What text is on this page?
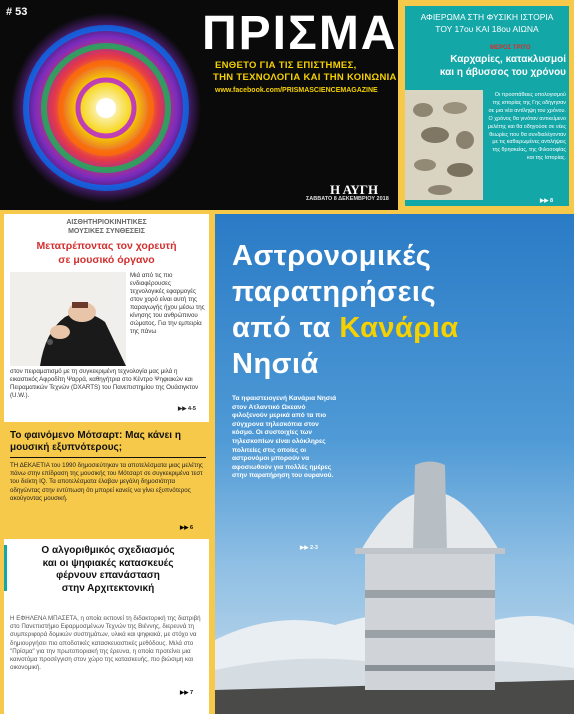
# 53	ΠΡΙΣΜΑ
ΕΝΘΕΤΟ ΓΙΑ ΤΙΣ ΕΠΙΣΤΗΜΕΣ,
ΤΗΝ ΤΕΧΝΟΛΟΓΙΑ ΚΑΙ ΤΗΝ ΚΟΙΝΩΝΙΑ
www.facebook.com/PRISMASCIENCEMAGAZINE
Η ΑΥΓΗ
ΣΑΒΒΑΤΟ 8 ΔΕΚΕΜΒΡΙΟΥ 2018
ΑΦΙΕΡΩΜΑ ΣΤΗ ΦΥΣΙΚΗ ΙΣΤΟΡΙΑ
ΤΟΥ 17ου ΚΑΙ 18ου ΑΙΩΝΑ
ΜΕΡΟΣ ΤΡΙΤΟ
Καρχαρίες, κατακλυσμοί
και η άβυσσος του χρόνου
Οι προσπάθειες υπολογισμού της ιστορίας της Γης οδήγησαν σε μια νέα αντίληψη του χρόνου. Ο χρόνος θα γινόταν αντικείμενο μελέτης και θα οδηγούσε σε νέες θεωρίες που θα συνδιαλέγονταν με τις καθιερωμένες αντιλήψεις της θρησκείας, της Φιλοσοφίας και της Ιστορίας.
▶▶ 8
ΑΙΣΘΗΤΗΡΙΟΚΙΝΗΤΙΚΕΣ
ΜΟΥΣΙΚΕΣ ΣΥΝΘΕΣΕΙΣ
Μετατρέποντας τον χορευτή
σε μουσικό όργανο
Μιά από τις πιο ενδιαφέρουσες τεχνολογικές εφαρμογές στον χορό είναι αυτή της παραγωγής ήχου μέσω της κίνησης του ανθρώπινου σώματος. Για την εμπειρία της πάνω
στον πειραματισμό με τη συγκεκριμένη τεχνολογία μας μιλά η εικαστικός Αφροδίτη Ψαρρά, καθηγήτρια στο Κέντρο Ψηφιακών και Πειραματικών Τεχνών (DXARTS) του Πανεπιστημίου της Ουάσιγκτον (U.W.).
▶▶ 4-5
Το φαινόμενο Μότσαρτ: Μας κάνει η μουσική εξυπνότερους;
ΤΗ ΔΕΚΑΕΤΙΑ του 1990 δημοσιεύτηκαν τα αποτελέσματα μιας μελέτης πάνω στην επίδραση της μουσικής του Μότσαρτ σε συγκεκριμένα τεστ του δείκτη IQ. Τα αποτελέσματα έλαβαν μεγάλη δημοσιότητα οδηγώντας στην εντύπωση ότι μπορεί κανείς να γίνει εξυπνότερος ακούγοντας μουσική.
▶▶ 6
Ο αλγοριθμικός σχεδιασμός
και οι ψηφιακές κατασκευές
φέρνουν επανάσταση
στην Αρχιτεκτονική
Η ΕΦΗΛΕΝΑ ΜΠΑΣΕΤΑ, η οποία εκπονεί τη διδακτορική της διατριβή στο Πανεπιστήμιο Εφαρμοσμένων Τεχνών της Βιέννης, διερευνά τη συμπεριφορά δομικών συστημάτων, υλικά και ψηφιακά, με στόχο να δημιουργήσει πιο αποδοτικές κατασκευαστικές μεθόδους. Μιλά στο "Πρίσμα" για την πρωτοποριακή της έρευνα, η οποία προτείνει μια καινοτόμα προσέγγιση στον χώρο της κατασκευής, πιο βιώσιμη και οικονομική.
▶▶ 7
Αστρονομικές
παρατηρήσεις
από τα Κανάρια
Νησιά
Τα ηφαιστειογενή Κανάρια Νησιά στον Ατλαντικό Ωκεανό φιλοξενούν μερικά από τα πιο σύγχρονα τηλεσκόπια στον κόσμο. Οι συστοιχίες των τηλεσκοπίων είναι ολόκληρες πολιτείες στις οποίες οι αστρονόμοι μπορούν να αφοσιωθούν για πολλές ημέρες στην παρατήρηση του ουρανού.
▶▶ 2-3
